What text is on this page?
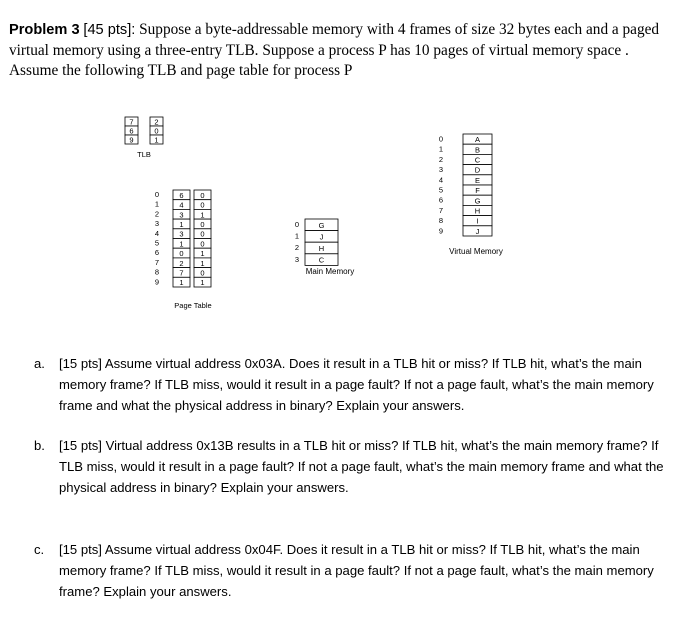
Problem 3 [45 pts]: Suppose a byte-addressable memory with 4 frames of size 32 bytes each and a paged virtual memory using a three-entry TLB. Suppose a process P has 10 pages of virtual memory space . Assume the following TLB and page table for process P

7	2
6	0
9	1
TLB
0	6 0
1	4 0
2	3 1
3	1 0
4	3 0
5	1 0
6	0 1
7	2 1
8	7 0
9	1 1
Page Table
0	G
1	J
2	H
3	C
Main Memory
0	A
1	B
2	C
3	D
4	E
5	F
6	G
7	H
8	I
9	J
Virtual Memory
a. [15 pts] Assume virtual address 0x03A. Does it result in a TLB hit or miss? If TLB hit, what’s the main memory frame? If TLB miss, would it result in a page fault? If not a page fault, what’s the main memory frame and what the physical address in binary? Explain your answers.
b. [15 pts] Virtual address 0x13B results in a TLB hit or miss? If TLB hit, what’s the main memory frame? If TLB miss, would it result in a page fault? If not a page fault, what’s the main memory frame and what the physical address in binary? Explain your answers.
c. [15 pts] Assume virtual address 0x04F. Does it result in a TLB hit or miss? If TLB hit, what’s the main memory frame? If TLB miss, would it result in a page fault? If not a page fault, what’s the main memory frame? Explain your answers.
